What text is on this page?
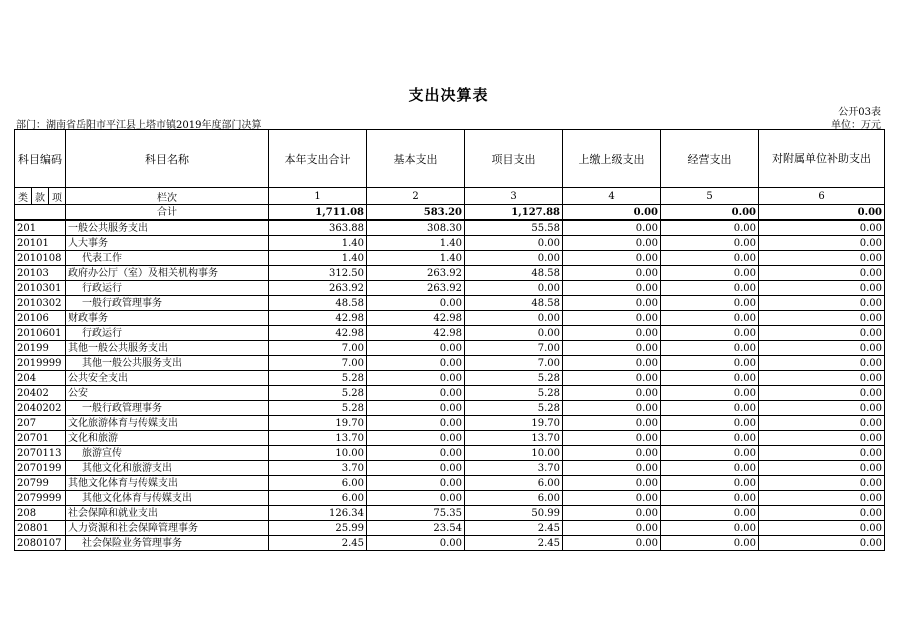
支出决算表
公开03表
部门：湖南省岳阳市平江县上塔市镇2019年度部门决算	单位：万元
科目编码			科目名称	本年支出合计	基本支出	项目支出	上缴上级支出	经营支出	对附属单位补助支出
类	款	项	栏次	1	2	3	4	5	6
			合计	1,711.08	583.20	1,127.88	0.00	0.00	0.00
201			一般公共服务支出	363.88	308.30	55.58	0.00	0.00	0.00
20101			人大事务	1.40	1.40	0.00	0.00	0.00	0.00
2010108			代表工作	1.40	1.40	0.00	0.00	0.00	0.00
20103			政府办公厅（室）及相关机构事务	312.50	263.92	48.58	0.00	0.00	0.00
2010301			行政运行	263.92	263.92	0.00	0.00	0.00	0.00
2010302			一般行政管理事务	48.58	0.00	48.58	0.00	0.00	0.00
20106			财政事务	42.98	42.98	0.00	0.00	0.00	0.00
2010601			行政运行	42.98	42.98	0.00	0.00	0.00	0.00
20199			其他一般公共服务支出	7.00	0.00	7.00	0.00	0.00	0.00
2019999			其他一般公共服务支出	7.00	0.00	7.00	0.00	0.00	0.00
204			公共安全支出	5.28	0.00	5.28	0.00	0.00	0.00
20402			公安	5.28	0.00	5.28	0.00	0.00	0.00
2040202			一般行政管理事务	5.28	0.00	5.28	0.00	0.00	0.00
207			文化旅游体育与传媒支出	19.70	0.00	19.70	0.00	0.00	0.00
20701			文化和旅游	13.70	0.00	13.70	0.00	0.00	0.00
2070113			旅游宣传	10.00	0.00	10.00	0.00	0.00	0.00
2070199			其他文化和旅游支出	3.70	0.00	3.70	0.00	0.00	0.00
20799			其他文化体育与传媒支出	6.00	0.00	6.00	0.00	0.00	0.00
2079999			其他文化体育与传媒支出	6.00	0.00	6.00	0.00	0.00	0.00
208			社会保障和就业支出	126.34	75.35	50.99	0.00	0.00	0.00
20801			人力资源和社会保障管理事务	25.99	23.54	2.45	0.00	0.00	0.00
2080107			社会保险业务管理事务	2.45	0.00	2.45	0.00	0.00	0.00
